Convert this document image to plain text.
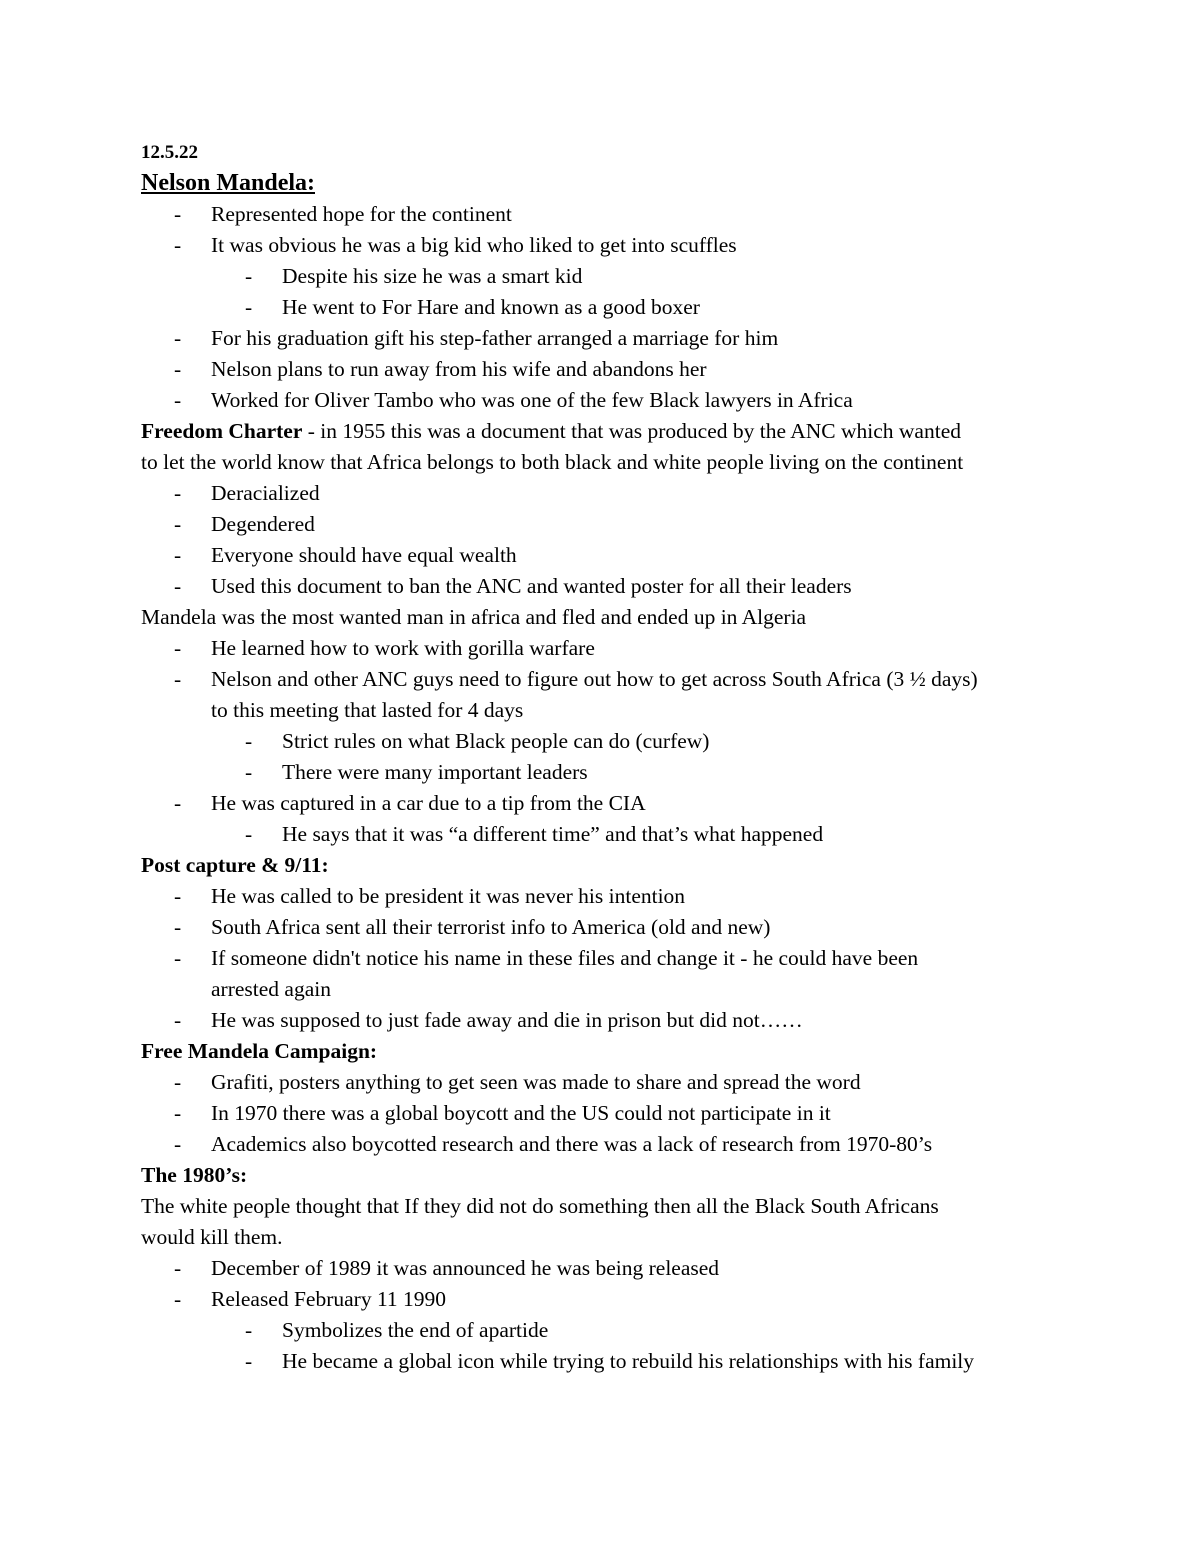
12.5.22
Nelson Mandela:
- Represented hope for the continent
- It was obvious he was a big kid who liked to get into scuffles
- Despite his size he was a smart kid
- He went to For Hare and known as a good boxer
- For his graduation gift his step-father arranged a marriage for him
- Nelson plans to run away from his wife and abandons her
- Worked for Oliver Tambo who was one of the few Black lawyers in Africa
Freedom Charter - in 1955 this was a document that was produced by the ANC which wanted
to let the world know that Africa belongs to both black and white people living on the continent
- Deracialized
- Degendered
- Everyone should have equal wealth
- Used this document to ban the ANC and wanted poster for all their leaders
Mandela was the most wanted man in africa and fled and ended up in Algeria
- He learned how to work with gorilla warfare
- Nelson and other ANC guys need to figure out how to get across South Africa (3 ½ days)
to this meeting that lasted for 4 days
- Strict rules on what Black people can do (curfew)
- There were many important leaders
- He was captured in a car due to a tip from the CIA
- He says that it was “a different time” and that’s what happened
Post capture & 9/11:
- He was called to be president it was never his intention
- South Africa sent all their terrorist info to America (old and new)
- If someone didn't notice his name in these files and change it - he could have been
arrested again
- He was supposed to just fade away and die in prison but did not……
Free Mandela Campaign:
- Grafiti, posters anything to get seen was made to share and spread the word
- In 1970 there was a global boycott and the US could not participate in it
- Academics also boycotted research and there was a lack of research from 1970-80’s
The 1980’s:
The white people thought that If they did not do something then all the Black South Africans
would kill them.
- December of 1989 it was announced he was being released
- Released February 11 1990
- Symbolizes the end of apartide
- He became a global icon while trying to rebuild his relationships with his family
